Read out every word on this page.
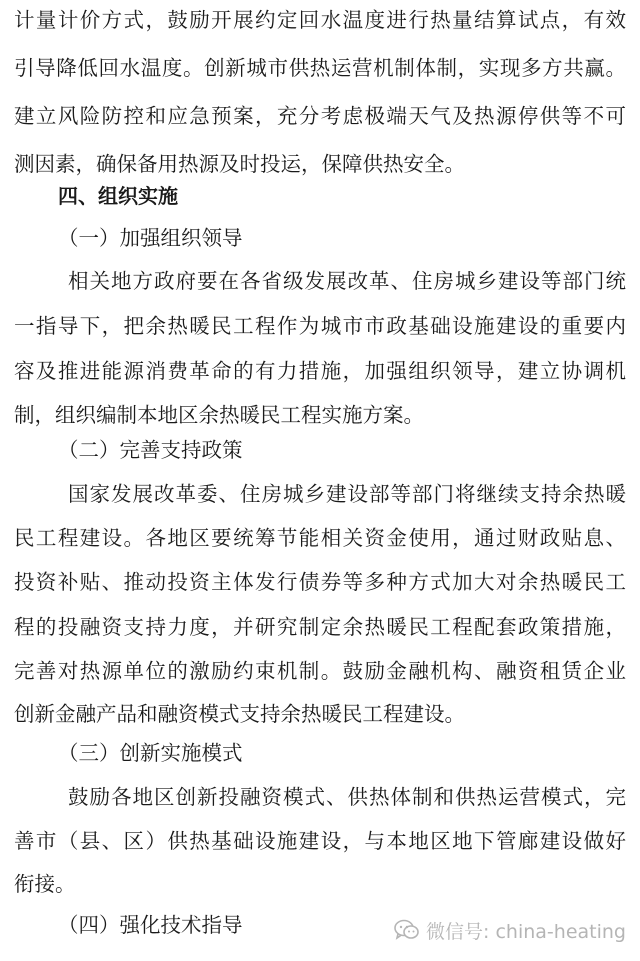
计量计价方式，鼓励开展约定回水温度进行热量结算试点，有效
引导降低回水温度。创新城市供热运营机制体制，实现多方共赢。
建立风险防控和应急预案，充分考虑极端天气及热源停供等不可
测因素，确保备用热源及时投运，保障供热安全。
四、组织实施
（一）加强组织领导
相关地方政府要在各省级发展改革、住房城乡建设等部门统
一指导下，把余热暖民工程作为城市市政基础设施建设的重要内
容及推进能源消费革命的有力措施，加强组织领导，建立协调机
制，组织编制本地区余热暖民工程实施方案。
（二）完善支持政策
国家发展改革委、住房城乡建设部等部门将继续支持余热暖
民工程建设。各地区要统筹节能相关资金使用，通过财政贴息、
投资补贴、推动投资主体发行债券等多种方式加大对余热暖民工
程的投融资支持力度，并研究制定余热暖民工程配套政策措施，
完善对热源单位的激励约束机制。鼓励金融机构、融资租赁企业
创新金融产品和融资模式支持余热暖民工程建设。
（三）创新实施模式
鼓励各地区创新投融资模式、供热体制和供热运营模式，完
善市（县、区）供热基础设施建设，与本地区地下管廊建设做好
衔接。
（四）强化技术指导	微信号: china-heating
